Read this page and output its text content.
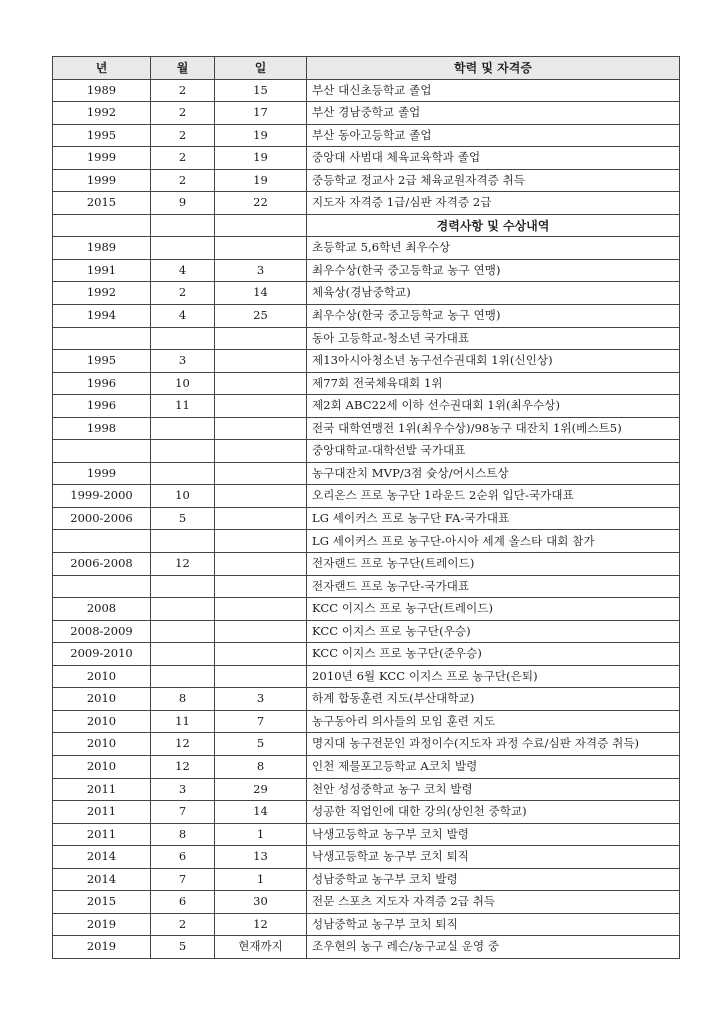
년	월	일	학력 및 자격증
1989	2	15	부산 대신초등학교 졸업
1992	2	17	부산 경남중학교 졸업
1995	2	19	부산 동아고등학교 졸업
1999	2	19	중앙대 사범대 체육교육학과 졸업
1999	2	19	중등학교 정교사 2급 체육교원자격증 취득
2015	9	22	지도자 자격증 1급/심판 자격증 2급
			경력사항 및 수상내역
1989			초등학교 5,6학년 최우수상
1991	4	3	최우수상(한국 중고등학교 농구 연맹)
1992	2	14	체육상(경남중학교)
1994	4	25	최우수상(한국 중고등학교 농구 연맹)
			동아 고등학교-청소년 국가대표
1995	3		제13아시아청소년 농구선수권대회 1위(신인상)
1996	10		제77회 전국체육대회 1위
1996	11		제2회 ABC22세 이하 선수권대회 1위(최우수상)
1998			전국 대학연맹전 1위(최우수상)/98농구 대잔치 1위(베스트5)
			중앙대학교-대학선발 국가대표
1999			농구대잔치 MVP/3점 슛상/어시스트상
1999-2000	10		오리온스 프로 농구단 1라운드 2순위 입단-국가대표
2000-2006	5		LG 세이커스 프로 농구단 FA-국가대표
			LG 세이커스 프로 농구단-아시아 세계 올스타 대회 참가
2006-2008	12		전자랜드 프로 농구단(트레이드)
			전자랜드 프로 농구단-국가대표
2008			KCC 이지스 프로 농구단(트레이드)
2008-2009			KCC 이지스 프로 농구단(우승)
2009-2010			KCC 이지스 프로 농구단(준우승)
2010			2010년 6월 KCC 이지스 프로 농구단(은퇴)
2010	8	3	하계 합동훈련 지도(부산대학교)
2010	11	7	농구동아리 의사들의 모임 훈련 지도
2010	12	5	명지대 농구전문인 과정이수(지도자 과정 수료/심판 자격증 취득)
2010	12	8	인천 제물포고등학교 A코치 발령
2011	3	29	천안 성성중학교 농구 코치 발령
2011	7	14	성공한 직업인에 대한 강의(상인천 중학교)
2011	8	1	낙생고등학교 농구부 코치 발령
2014	6	13	낙생고등학교 농구부 코치 퇴직
2014	7	1	성남중학교 농구부 코치 발령
2015	6	30	전문 스포츠 지도자 자격증 2급 취득
2019	2	12	성남중학교 농구부 코치 퇴직
2019	5	현재까지	조우현의 농구 레슨/농구교실 운영 중
